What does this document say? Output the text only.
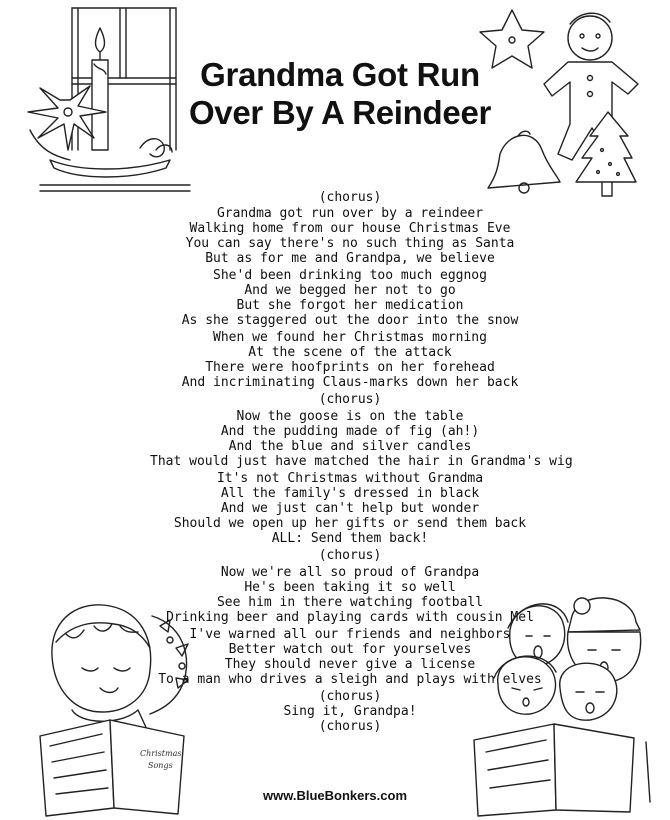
Christmas
Songs
Grandma Got Run
Over By A Reindeer
(chorus)
Grandma got run over by a reindeer
Walking home from our house Christmas Eve
You can say there's no such thing as Santa
But as for me and Grandpa, we believe
She'd been drinking too much eggnog
And we begged her not to go
But she forgot her medication
As she staggered out the door into the snow
When we found her Christmas morning
At the scene of the attack
There were hoofprints on her forehead
And incriminating Claus-marks down her back
(chorus)
Now the goose is on the table
And the pudding made of fig (ah!)
And the blue and silver candles
That would just have matched the hair in Grandma's wig
It's not Christmas without Grandma
All the family's dressed in black
And we just can't help but wonder
Should we open up her gifts or send them back
ALL: Send them back!
(chorus)
Now we're all so proud of Grandpa
He's been taking it so well
See him in there watching football
Drinking beer and playing cards with cousin Mel
I've warned all our friends and neighbors
Better watch out for yourselves
They should never give a license
To a man who drives a sleigh and plays with elves
(chorus)
Sing it, Grandpa!
(chorus)
www.BlueBonkers.com
